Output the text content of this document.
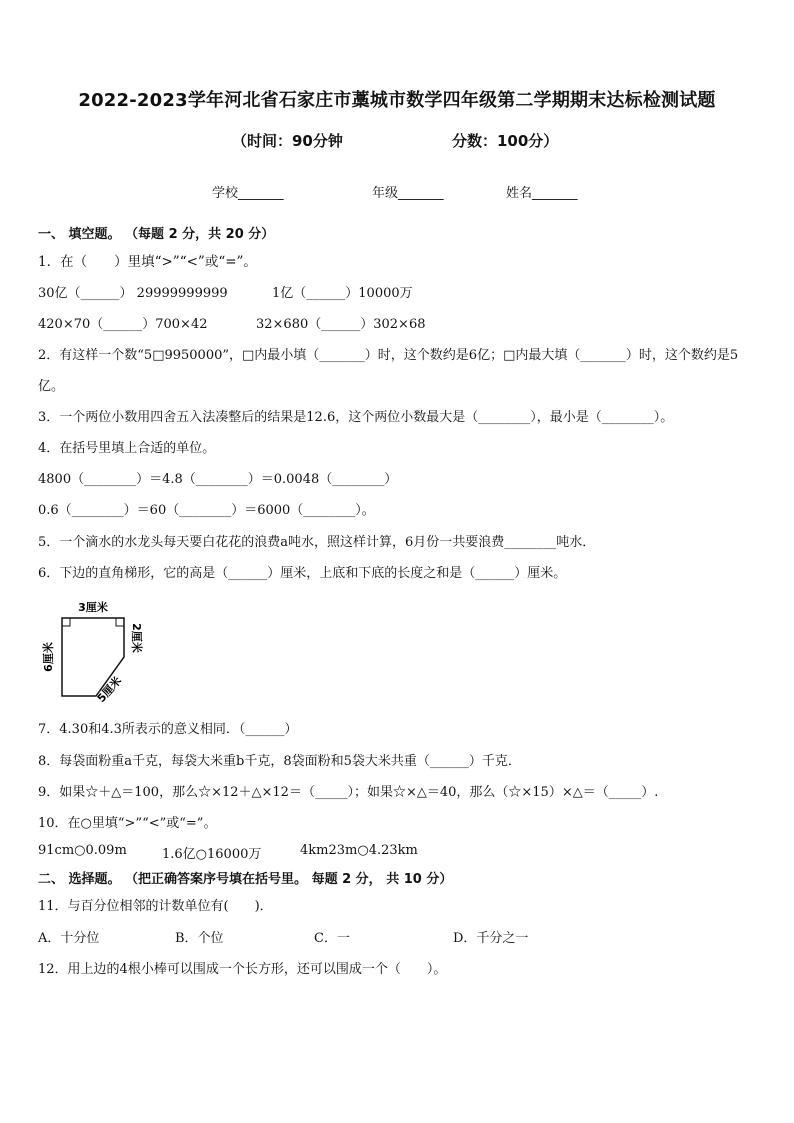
2022-2023学年河北省石家庄市藁城市数学四年级第二学期期末达标检测试题
（时间：90分钟	分数：100分）
学校_______	年级_______	姓名_______
一、 填空题。 （每题 2 分，共 20 分）
1．在（　　）里填“>”“<”或“=”。
30亿（______） 29999999999	1亿（______）10000万
420×70（______）700×42	32×680（______）302×68
2．有这样一个数“5□9950000”，□内最小填（_______）时，这个数约是6亿；□内最大填（_______）时，这个数约是5
亿。
3．一个两位小数用四舍五入法凑整后的结果是12.6，这个两位小数最大是（________），最小是（________）。
4．在括号里填上合适的单位。
4800（________）＝4.8（________）＝0.0048（________）
0.6（________）＝60（________）＝6000（________）。
5．一个滴水的水龙头每天要白花花的浪费a吨水，照这样计算，6月份一共要浪费________吨水．
6．下边的直角梯形，它的高是（______）厘米，上底和下底的长度之和是（______）厘米。
3厘米
6厘米
2厘米
5厘米
7．4.30和4.3所表示的意义相同．（______）
8．每袋面粉重a千克，每袋大米重b千克，8袋面粉和5袋大米共重（______）千克．
9．如果☆＋△＝100，那么☆×12＋△×12＝（_____）；如果☆×△＝40，那么（☆×15）×△＝（_____）.
10．在○里填“>”“<”或“=”。
91cm○0.09m	1.6亿○16000万	4km23m○4.23km
二、 选择题。 （把正确答案序号填在括号里。 每题 2 分， 共 10 分）
11．与百分位相邻的计数单位有(　　)．
A．十分位	B．个位	C．一	D．千分之一
12．用上边的4根小棒可以围成一个长方形，还可以围成一个（　　）。
